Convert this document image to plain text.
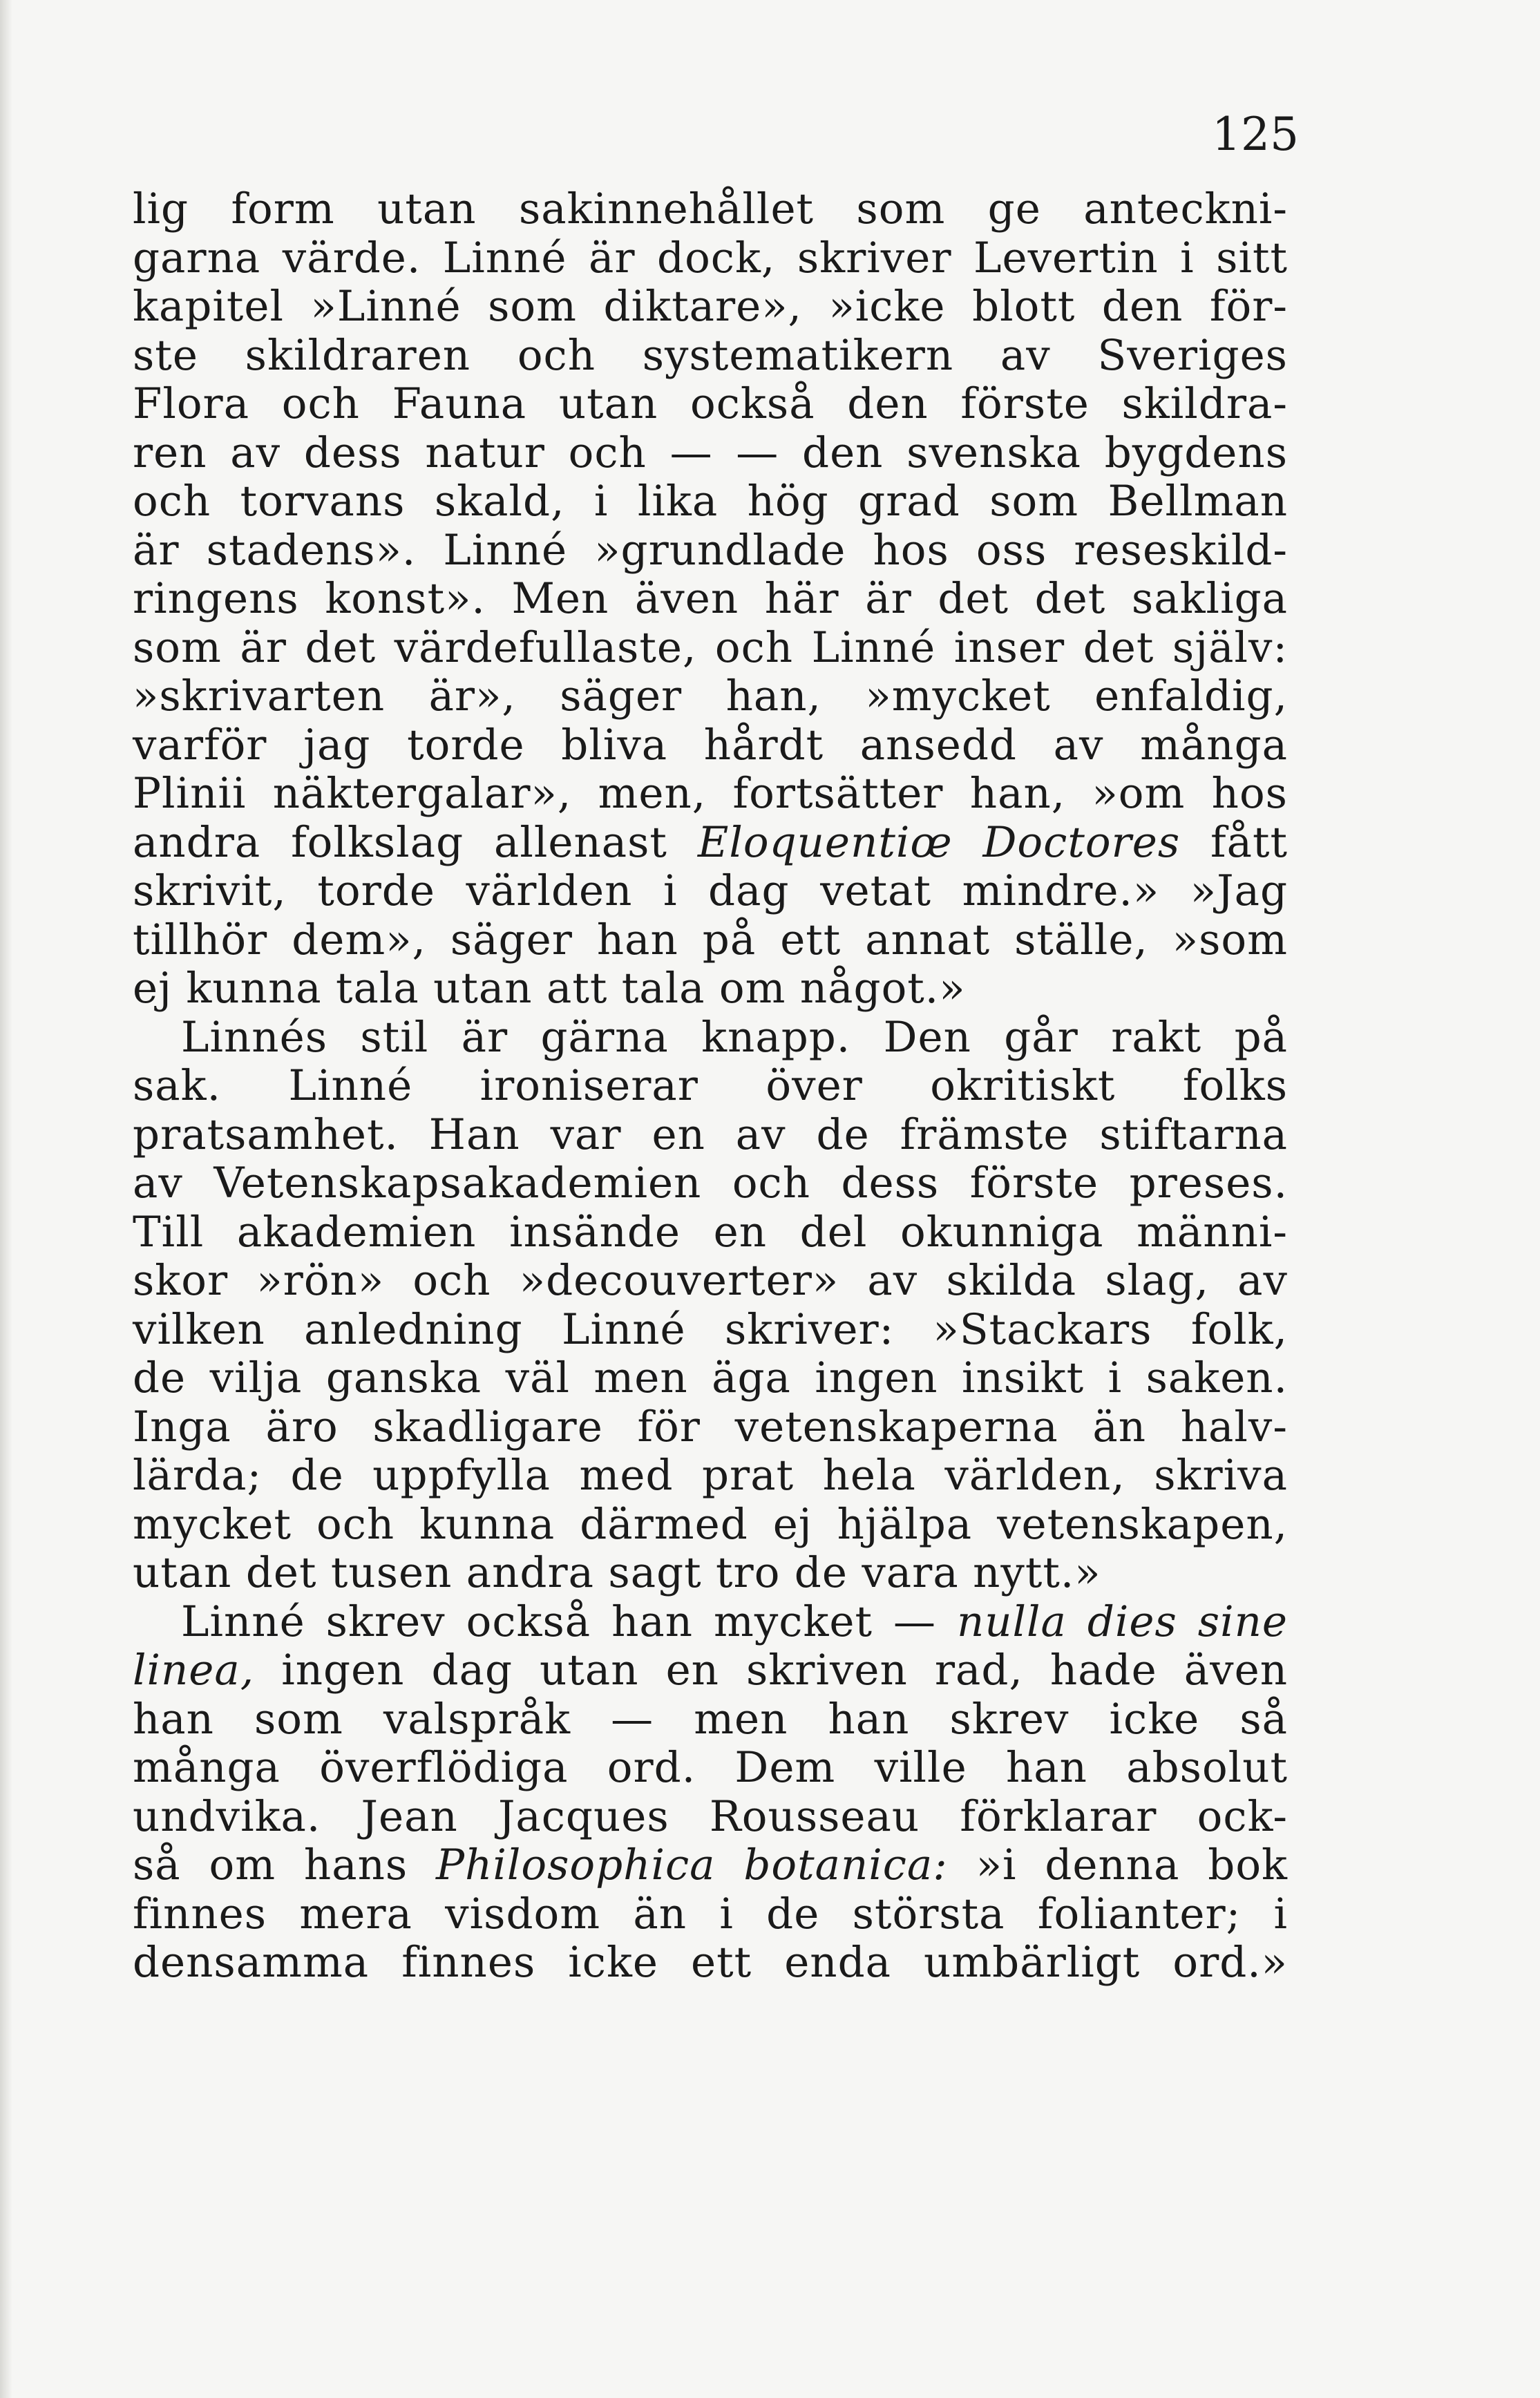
125
lig form utan sakinnehållet som ge anteckni-
garna värde. Linné är dock, skriver Levertin i sitt
kapitel »Linné som diktare», »icke blott den för-
ste skildraren och systematikern av Sveriges
Flora och Fauna utan också den förste skildra-
ren av dess natur och — — den svenska bygdens
och torvans skald, i lika hög grad som Bellman
är stadens». Linné »grundlade hos oss reseskild-
ringens konst». Men även här är det det sakliga
som är det värdefullaste, och Linné inser det själv:
»skrivarten är», säger han, »mycket enfaldig,
varför jag torde bliva hårdt ansedd av många
Plinii näktergalar», men, fortsätter han, »om hos
andra folkslag allenast Eloquentiœ Doctores fått
skrivit, torde världen i dag vetat mindre.» »Jag
tillhör dem», säger han på ett annat ställe, »som
ej kunna tala utan att tala om något.»
Linnés stil är gärna knapp. Den går rakt på
sak. Linné ironiserar över okritiskt folks
pratsamhet. Han var en av de främste stiftarna
av Vetenskapsakademien och dess förste preses.
Till akademien insände en del okunniga männi-
skor »rön» och »decouverter» av skilda slag, av
vilken anledning Linné skriver: »Stackars folk,
de vilja ganska väl men äga ingen insikt i saken.
Inga äro skadligare för vetenskaperna än halv-
lärda; de uppfylla med prat hela världen, skriva
mycket och kunna därmed ej hjälpa vetenskapen,
utan det tusen andra sagt tro de vara nytt.»
Linné skrev också han mycket — nulla dies sine
linea, ingen dag utan en skriven rad, hade även
han som valspråk — men han skrev icke så
många överflödiga ord. Dem ville han absolut
undvika. Jean Jacques Rousseau förklarar ock-
så om hans Philosophica botanica: »i denna bok
finnes mera visdom än i de största folianter; i
densamma finnes icke ett enda umbärligt ord.»
